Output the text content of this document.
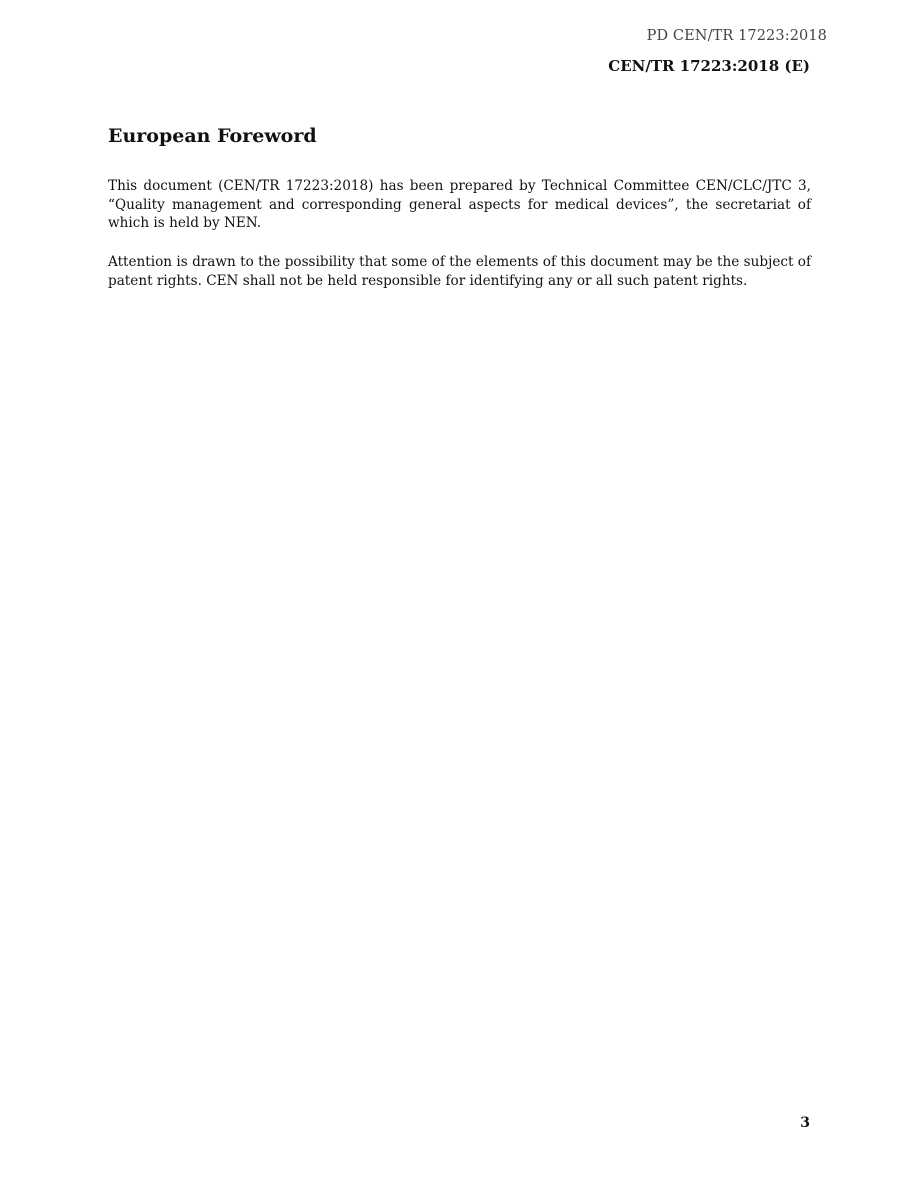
PD CEN/TR 17223:2018
CEN/TR 17223:2018 (E)
European Foreword

This document (CEN/TR 17223:2018) has been prepared by Technical Committee CEN/CLC/JTC 3, “Quality management and corresponding general aspects for medical devices”, the secretariat of which is held by NEN.

Attention is drawn to the possibility that some of the elements of this document may be the subject of patent rights. CEN shall not be held responsible for identifying any or all such patent rights.

3
